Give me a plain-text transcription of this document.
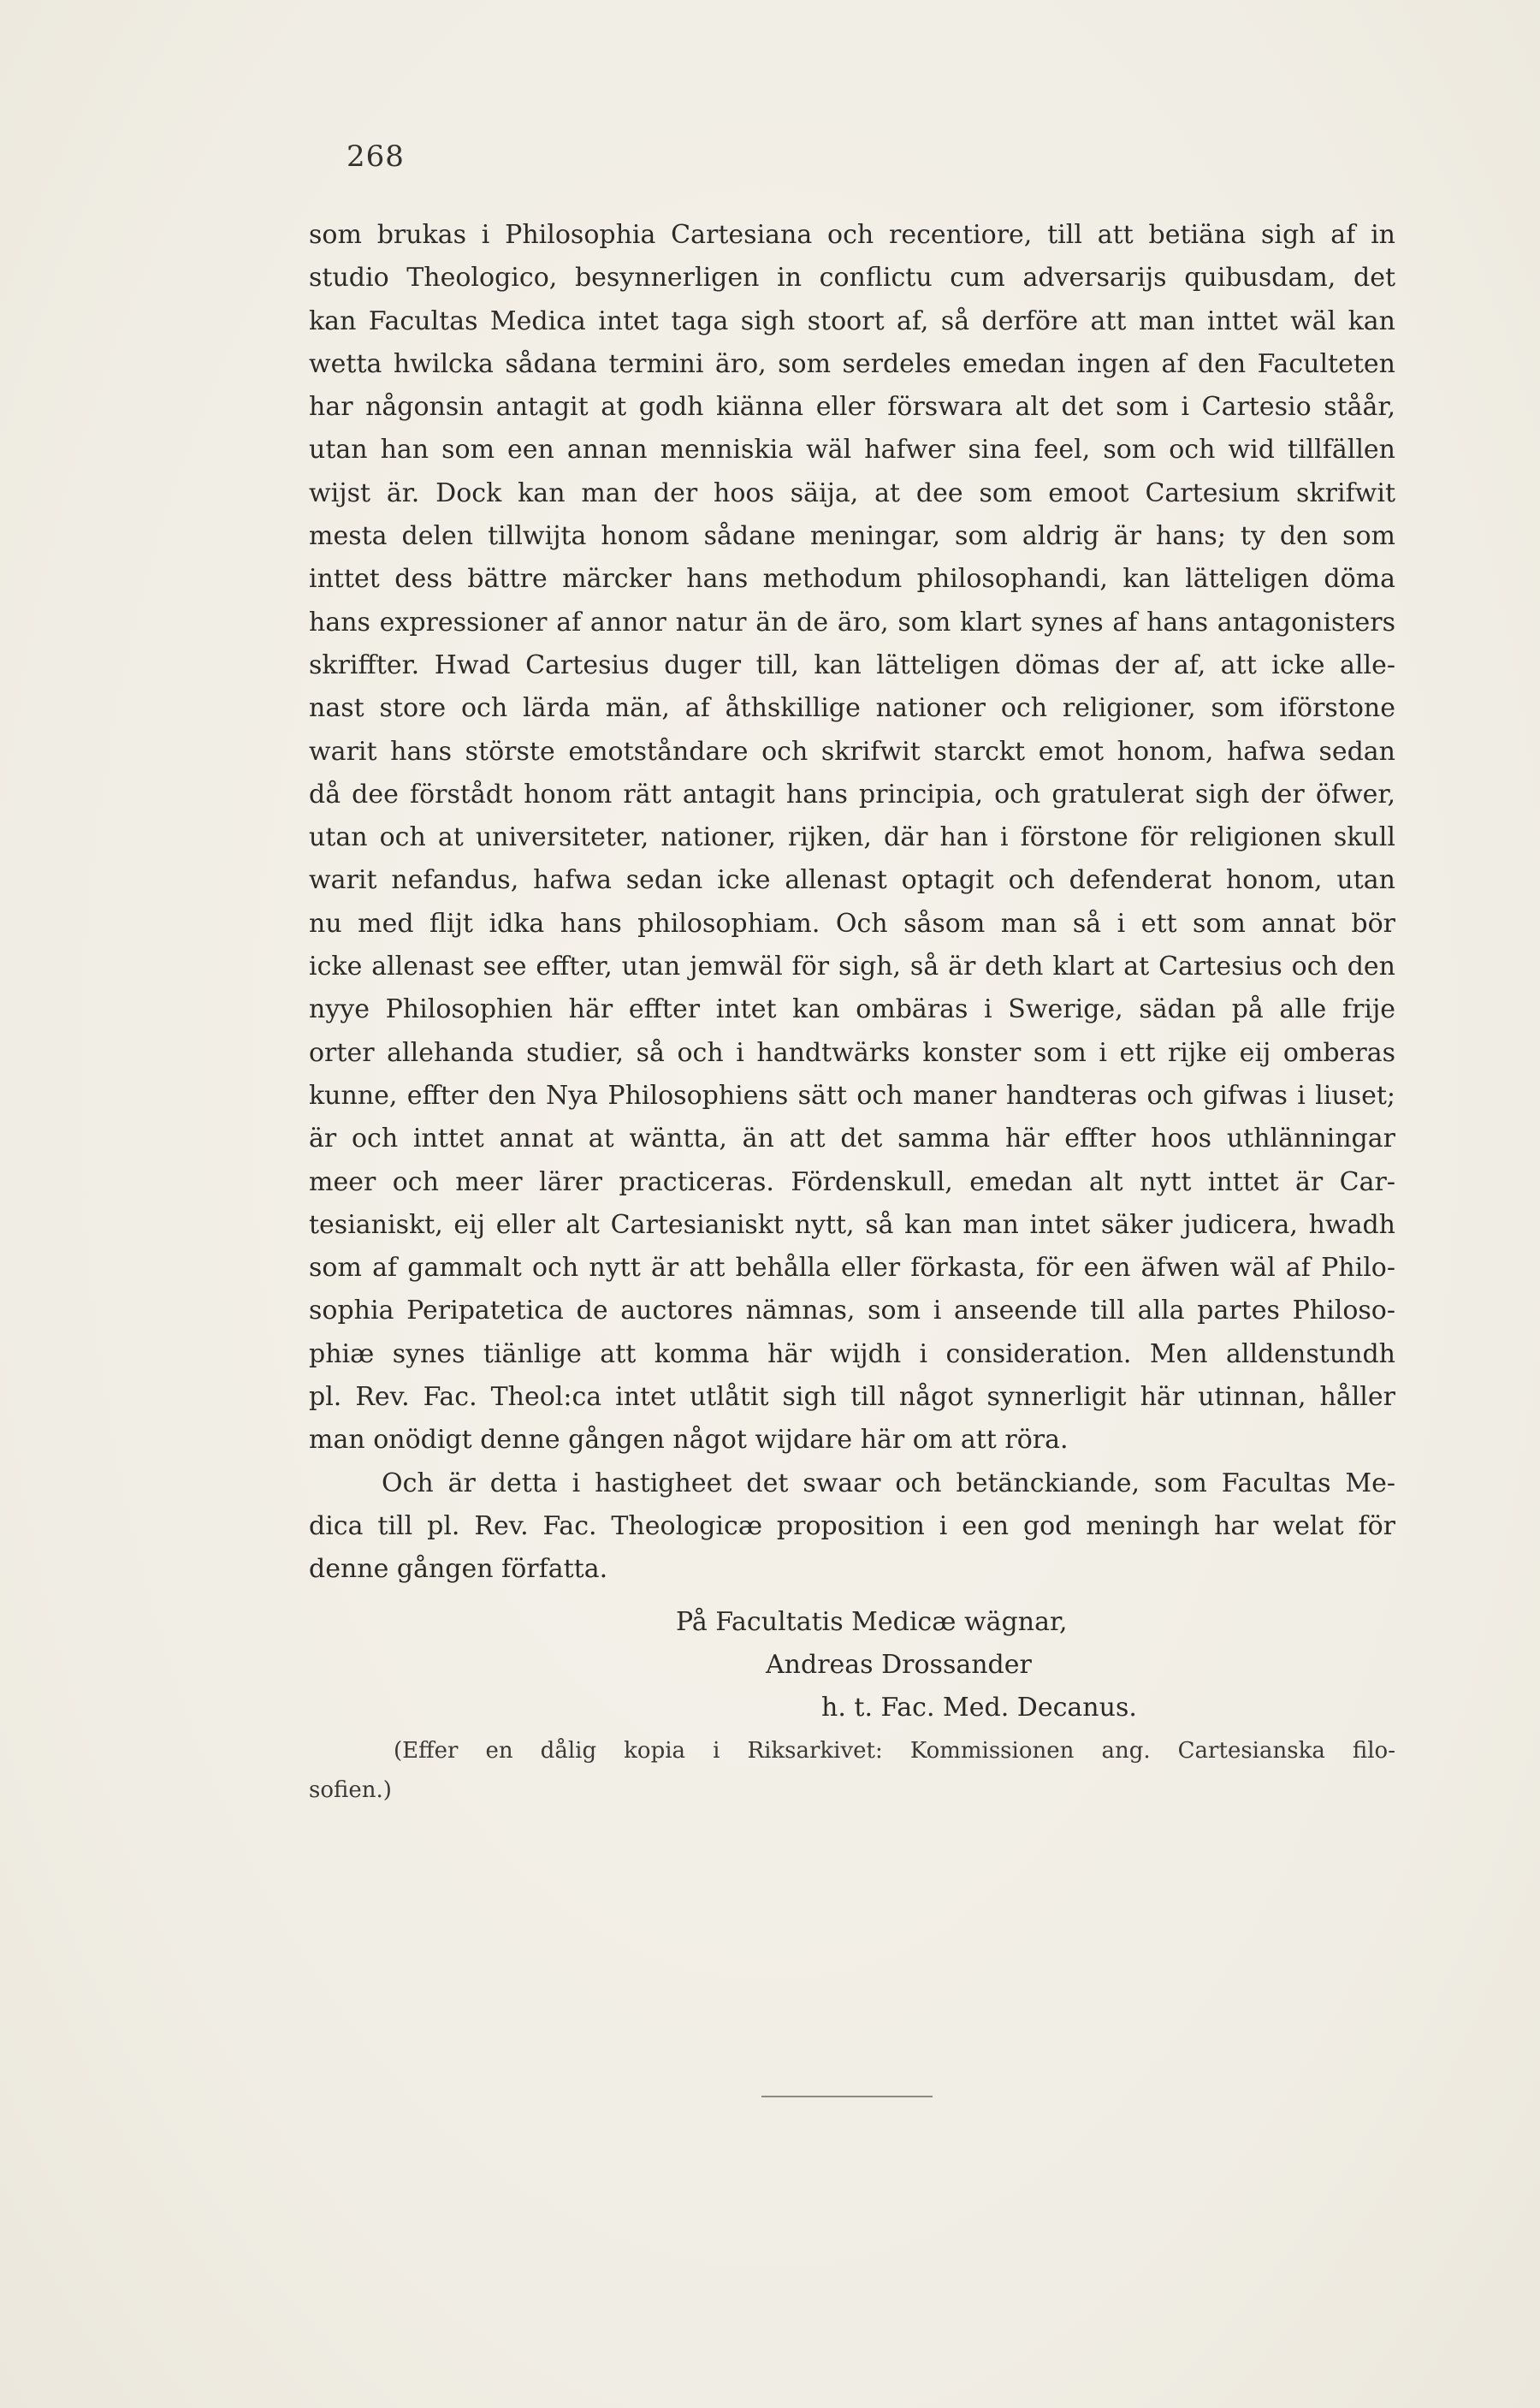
268
som brukas i Philosophia Cartesiana och recentiore, till att betiäna sigh af in
studio Theologico, besynnerligen in conflictu cum adversarijs quibusdam, det
kan Facultas Medica intet taga sigh stoort af, så derföre att man inttet wäl kan
wetta hwilcka sådana termini äro, som serdeles emedan ingen af den Faculteten
har någonsin antagit at godh kiänna eller förswara alt det som i Cartesio ståår,
utan han som een annan menniskia wäl hafwer sina feel, som och wid tillfällen
wijst är. Dock kan man der hoos säija, at dee som emoot Cartesium skrifwit
mesta delen tillwijta honom sådane meningar, som aldrig är hans; ty den som
inttet dess bättre märcker hans methodum philosophandi, kan lätteligen döma
hans expressioner af annor natur än de äro, som klart synes af hans antagonisters
skriffter. Hwad Cartesius duger till, kan lätteligen dömas der af, att icke alle-
nast store och lärda män, af åthskillige nationer och religioner, som iförstone
warit hans störste emotståndare och skrifwit starckt emot honom, hafwa sedan
då dee förstådt honom rätt antagit hans principia, och gratulerat sigh der öfwer,
utan och at universiteter, nationer, rijken, där han i förstone för religionen skull
warit nefandus, hafwa sedan icke allenast optagit och defenderat honom, utan
nu med flijt idka hans philosophiam. Och såsom man så i ett som annat bör
icke allenast see effter, utan jemwäl för sigh, så är deth klart at Cartesius och den
nyye Philosophien här effter intet kan ombäras i Swerige, sädan på alle frije
orter allehanda studier, så och i handtwärks konster som i ett rijke eij omberas
kunne, effter den Nya Philosophiens sätt och maner handteras och gifwas i liuset;
är och inttet annat at wäntta, än att det samma här effter hoos uthlänningar
meer och meer lärer practiceras. Fördenskull, emedan alt nytt inttet är Car-
tesianiskt, eij eller alt Cartesianiskt nytt, så kan man intet säker judicera, hwadh
som af gammalt och nytt är att behålla eller förkasta, för een äfwen wäl af Philo-
sophia Peripatetica de auctores nämnas, som i anseende till alla partes Philoso-
phiæ synes tiänlige att komma här wijdh i consideration. Men alldenstundh
pl. Rev. Fac. Theol:ca intet utlåtit sigh till något synnerligit här utinnan, håller
man onödigt denne gången något wijdare här om att röra.
Och är detta i hastigheet det swaar och betänckiande, som Facultas Me-
dica till pl. Rev. Fac. Theologicæ proposition i een god meningh har welat för
denne gången författa.
På Facultatis Medicæ wägnar,
Andreas Drossander
h. t. Fac. Med. Decanus.
(Effer en dålig kopia i Riksarkivet: Kommissionen ang. Cartesianska filo-
sofien.)
